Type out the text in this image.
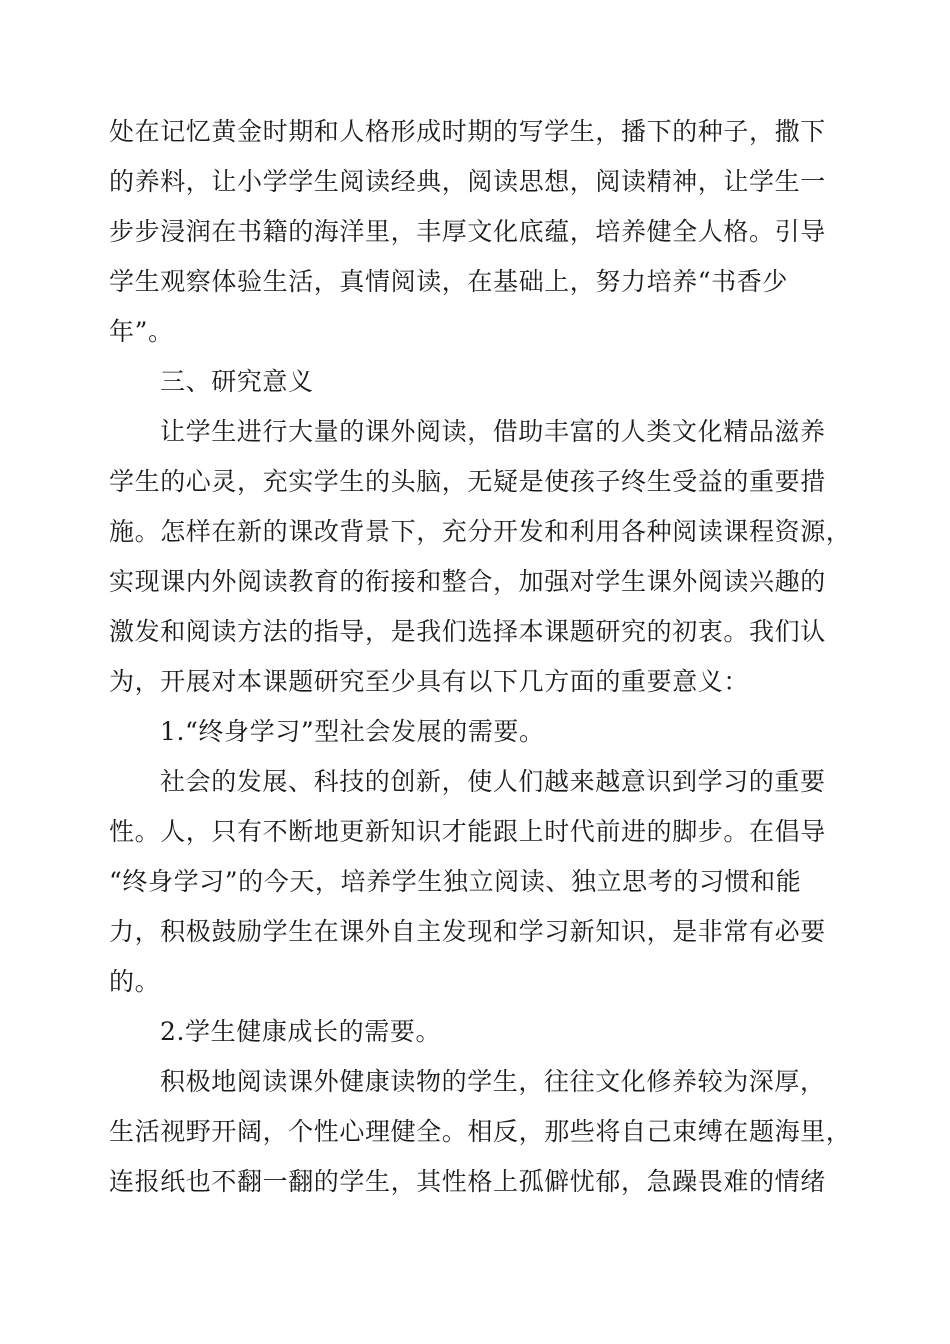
处在记忆黄金时期和人格形成时期的写学生，播下的种子，撒下
的养料，让小学学生阅读经典，阅读思想，阅读精神，让学生一
步步浸润在书籍的海洋里，丰厚文化底蕴，培养健全人格。引导
学生观察体验生活，真情阅读，在基础上，努力培养“书香少
年”。
三、研究意义
让学生进行大量的课外阅读，借助丰富的人类文化精品滋养
学生的心灵，充实学生的头脑，无疑是使孩子终生受益的重要措
施。怎样在新的课改背景下，充分开发和利用各种阅读课程资源，
实现课内外阅读教育的衔接和整合，加强对学生课外阅读兴趣的
激发和阅读方法的指导，是我们选择本课题研究的初衷。我们认
为，开展对本课题研究至少具有以下几方面的重要意义：
1.“终身学习”型社会发展的需要。
社会的发展、科技的创新，使人们越来越意识到学习的重要
性。人，只有不断地更新知识才能跟上时代前进的脚步。在倡导
“终身学习”的今天，培养学生独立阅读、独立思考的习惯和能
力，积极鼓励学生在课外自主发现和学习新知识，是非常有必要
的。
2.学生健康成长的需要。
积极地阅读课外健康读物的学生，往往文化修养较为深厚，
生活视野开阔，个性心理健全。相反，那些将自己束缚在题海里，
连报纸也不翻一翻的学生，其性格上孤僻忧郁，急躁畏难的情绪
